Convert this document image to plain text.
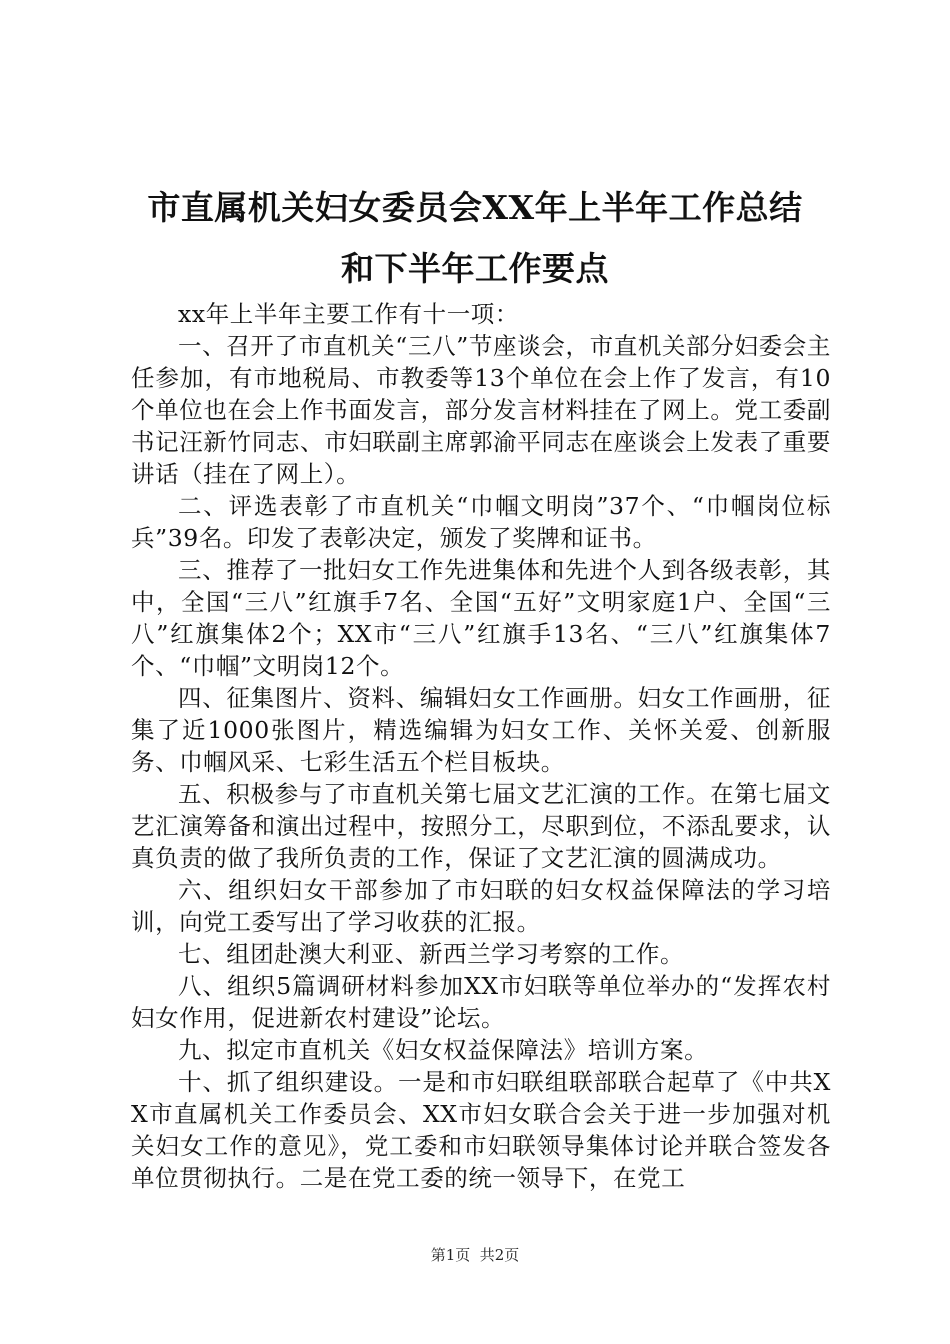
市直属机关妇女委员会XX年上半年工作总结
和下半年工作要点

xx年上半年主要工作有十一项：

一、召开了市直机关“三八”节座谈会，市直机关部分妇委会主任参加，有市地税局、市教委等13个单位在会上作了发言，有10个单位也在会上作书面发言，部分发言材料挂在了网上。党工委副书记汪新竹同志、市妇联副主席郭渝平同志在座谈会上发表了重要讲话（挂在了网上）。

二、评选表彰了市直机关“巾帼文明岗”37个、“巾帼岗位标兵”39名。印发了表彰决定，颁发了奖牌和证书。

三、推荐了一批妇女工作先进集体和先进个人到各级表彰，其中，全国“三八”红旗手7名、全国“五好”文明家庭1户、全国“三八”红旗集体2个；XX市“三八”红旗手13名、“三八”红旗集体7个、“巾帼”文明岗12个。

四、征集图片、资料、编辑妇女工作画册。妇女工作画册，征集了近1000张图片，精选编辑为妇女工作、关怀关爱、创新服务、巾帼风采、七彩生活五个栏目板块。

五、积极参与了市直机关第七届文艺汇演的工作。在第七届文艺汇演筹备和演出过程中，按照分工，尽职到位，不添乱要求，认真负责的做了我所负责的工作，保证了文艺汇演的圆满成功。

六、组织妇女干部参加了市妇联的妇女权益保障法的学习培训，向党工委写出了学习收获的汇报。

七、组团赴澳大利亚、新西兰学习考察的工作。

八、组织5篇调研材料参加XX市妇联等单位举办的“发挥农村妇女作用，促进新农村建设”论坛。

九、拟定市直机关《妇女权益保障法》培训方案。

十、抓了组织建设。一是和市妇联组联部联合起草了《中共XX市直属机关工作委员会、XX市妇女联合会关于进一步加强对机关妇女工作的意见》，党工委和市妇联领导集体讨论并联合签发各单位贯彻执行。二是在党工委的统一领导下，在党工

第1页  共2页
